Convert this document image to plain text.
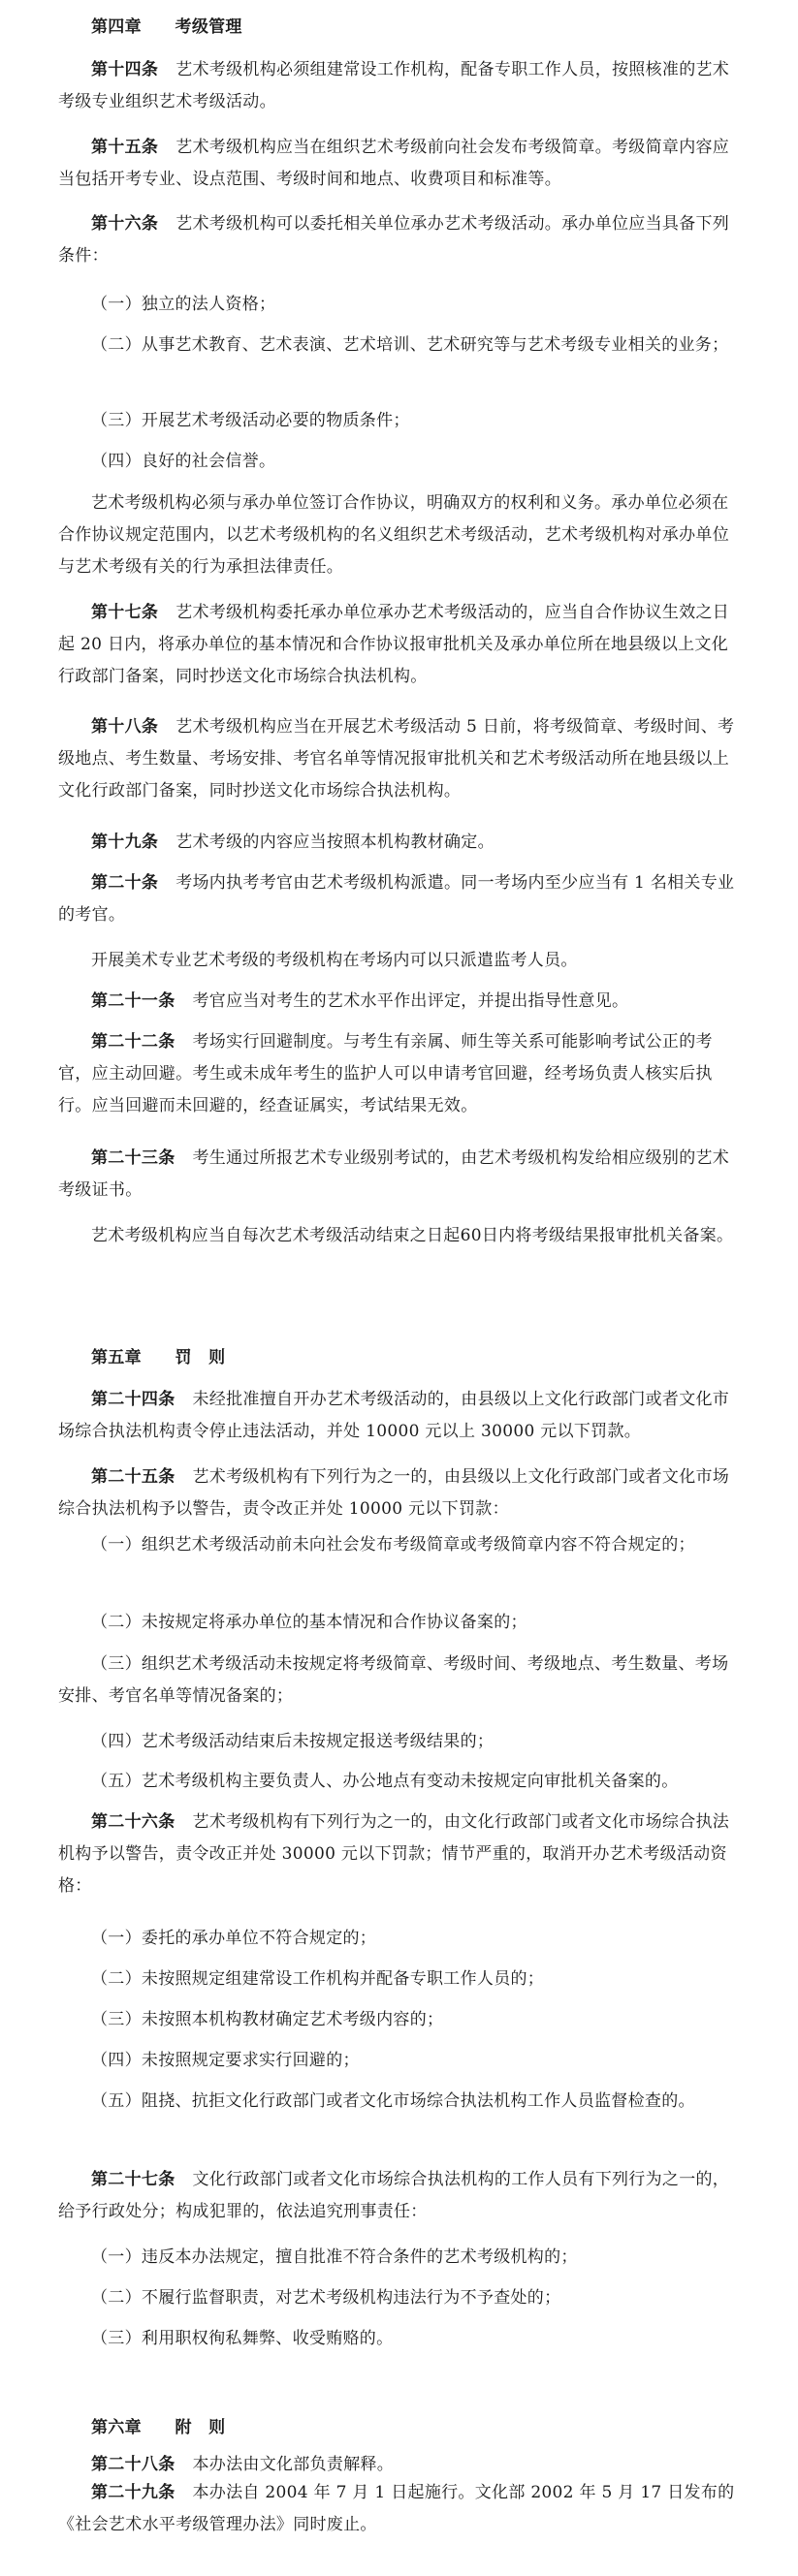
第四章　　 考级管理

第十四条 艺术考级机构必须组建常设工作机构，配备专职工作人员，按照核准的艺术考级专业组织艺术考级活动。

第十五条 艺术考级机构应当在组织艺术考级前向社会发布考级简章。考级简章内容应当包括开考专业、设点范围、考级时间和地点、收费项目和标准等。

第十六条 艺术考级机构可以委托相关单位承办艺术考级活动。承办单位应当具备下列条件：

（一）独立的法人资格；

（二）从事艺术教育、艺术表演、艺术培训、艺术研究等与艺术考级专业相关的业务；

（三）开展艺术考级活动必要的物质条件；

（四）良好的社会信誉。

艺术考级机构必须与承办单位签订合作协议，明确双方的权利和义务。承办单位必须在合作协议规定范围内，以艺术考级机构的名义组织艺术考级活动，艺术考级机构对承办单位与艺术考级有关的行为承担法律责任。

第十七条 艺术考级机构委托承办单位承办艺术考级活动的，应当自合作协议生效之日起 20 日内，将承办单位的基本情况和合作协议报审批机关及承办单位所在地县级以上文化行政部门备案，同时抄送文化市场综合执法机构。

第十八条 艺术考级机构应当在开展艺术考级活动 5 日前，将考级简章、考级时间、考级地点、考生数量、考场安排、考官名单等情况报审批机关和艺术考级活动所在地县级以上文化行政部门备案，同时抄送文化市场综合执法机构。

第十九条 艺术考级的内容应当按照本机构教材确定。

第二十条 考场内执考考官由艺术考级机构派遣。同一考场内至少应当有 1 名相关专业的考官。

开展美术专业艺术考级的考级机构在考场内可以只派遣监考人员。

第二十一条 考官应当对考生的艺术水平作出评定，并提出指导性意见。

第二十二条 考场实行回避制度。与考生有亲属、师生等关系可能影响考试公正的考官，应主动回避。考生或未成年考生的监护人可以申请考官回避，经考场负责人核实后执行。应当回避而未回避的，经查证属实，考试结果无效。

第二十三条 考生通过所报艺术专业级别考试的，由艺术考级机构发给相应级别的艺术考级证书。

艺术考级机构应当自每次艺术考级活动结束之日起60日内将考级结果报审批机关备案。

第五章　　 罚　则

第二十四条 未经批准擅自开办艺术考级活动的，由县级以上文化行政部门或者文化市场综合执法机构责令停止违法活动，并处 10000 元以上 30000 元以下罚款。

第二十五条 艺术考级机构有下列行为之一的，由县级以上文化行政部门或者文化市场综合执法机构予以警告，责令改正并处 10000 元以下罚款：

（一）组织艺术考级活动前未向社会发布考级简章或考级简章内容不符合规定的；

（二）未按规定将承办单位的基本情况和合作协议备案的；

（三）组织艺术考级活动未按规定将考级简章、考级时间、考级地点、考生数量、考场安排、考官名单等情况备案的；

（四）艺术考级活动结束后未按规定报送考级结果的；

（五）艺术考级机构主要负责人、办公地点有变动未按规定向审批机关备案的。

第二十六条 艺术考级机构有下列行为之一的，由文化行政部门或者文化市场综合执法机构予以警告，责令改正并处 30000 元以下罚款；情节严重的，取消开办艺术考级活动资格：

（一）委托的承办单位不符合规定的；

（二）未按照规定组建常设工作机构并配备专职工作人员的；

（三）未按照本机构教材确定艺术考级内容的；

（四）未按照规定要求实行回避的；

（五）阻挠、抗拒文化行政部门或者文化市场综合执法机构工作人员监督检查的。

第二十七条 文化行政部门或者文化市场综合执法机构的工作人员有下列行为之一的，给予行政处分；构成犯罪的，依法追究刑事责任：

（一）违反本办法规定，擅自批准不符合条件的艺术考级机构的；

（二）不履行监督职责，对艺术考级机构违法行为不予查处的；

（三）利用职权徇私舞弊、收受贿赂的。

第六章　　 附　则

第二十八条 本办法由文化部负责解释。

第二十九条 本办法自 2004 年 7 月 1 日起施行。文化部 2002 年 5 月 17 日发布的《社会艺术水平考级管理办法》同时废止。
